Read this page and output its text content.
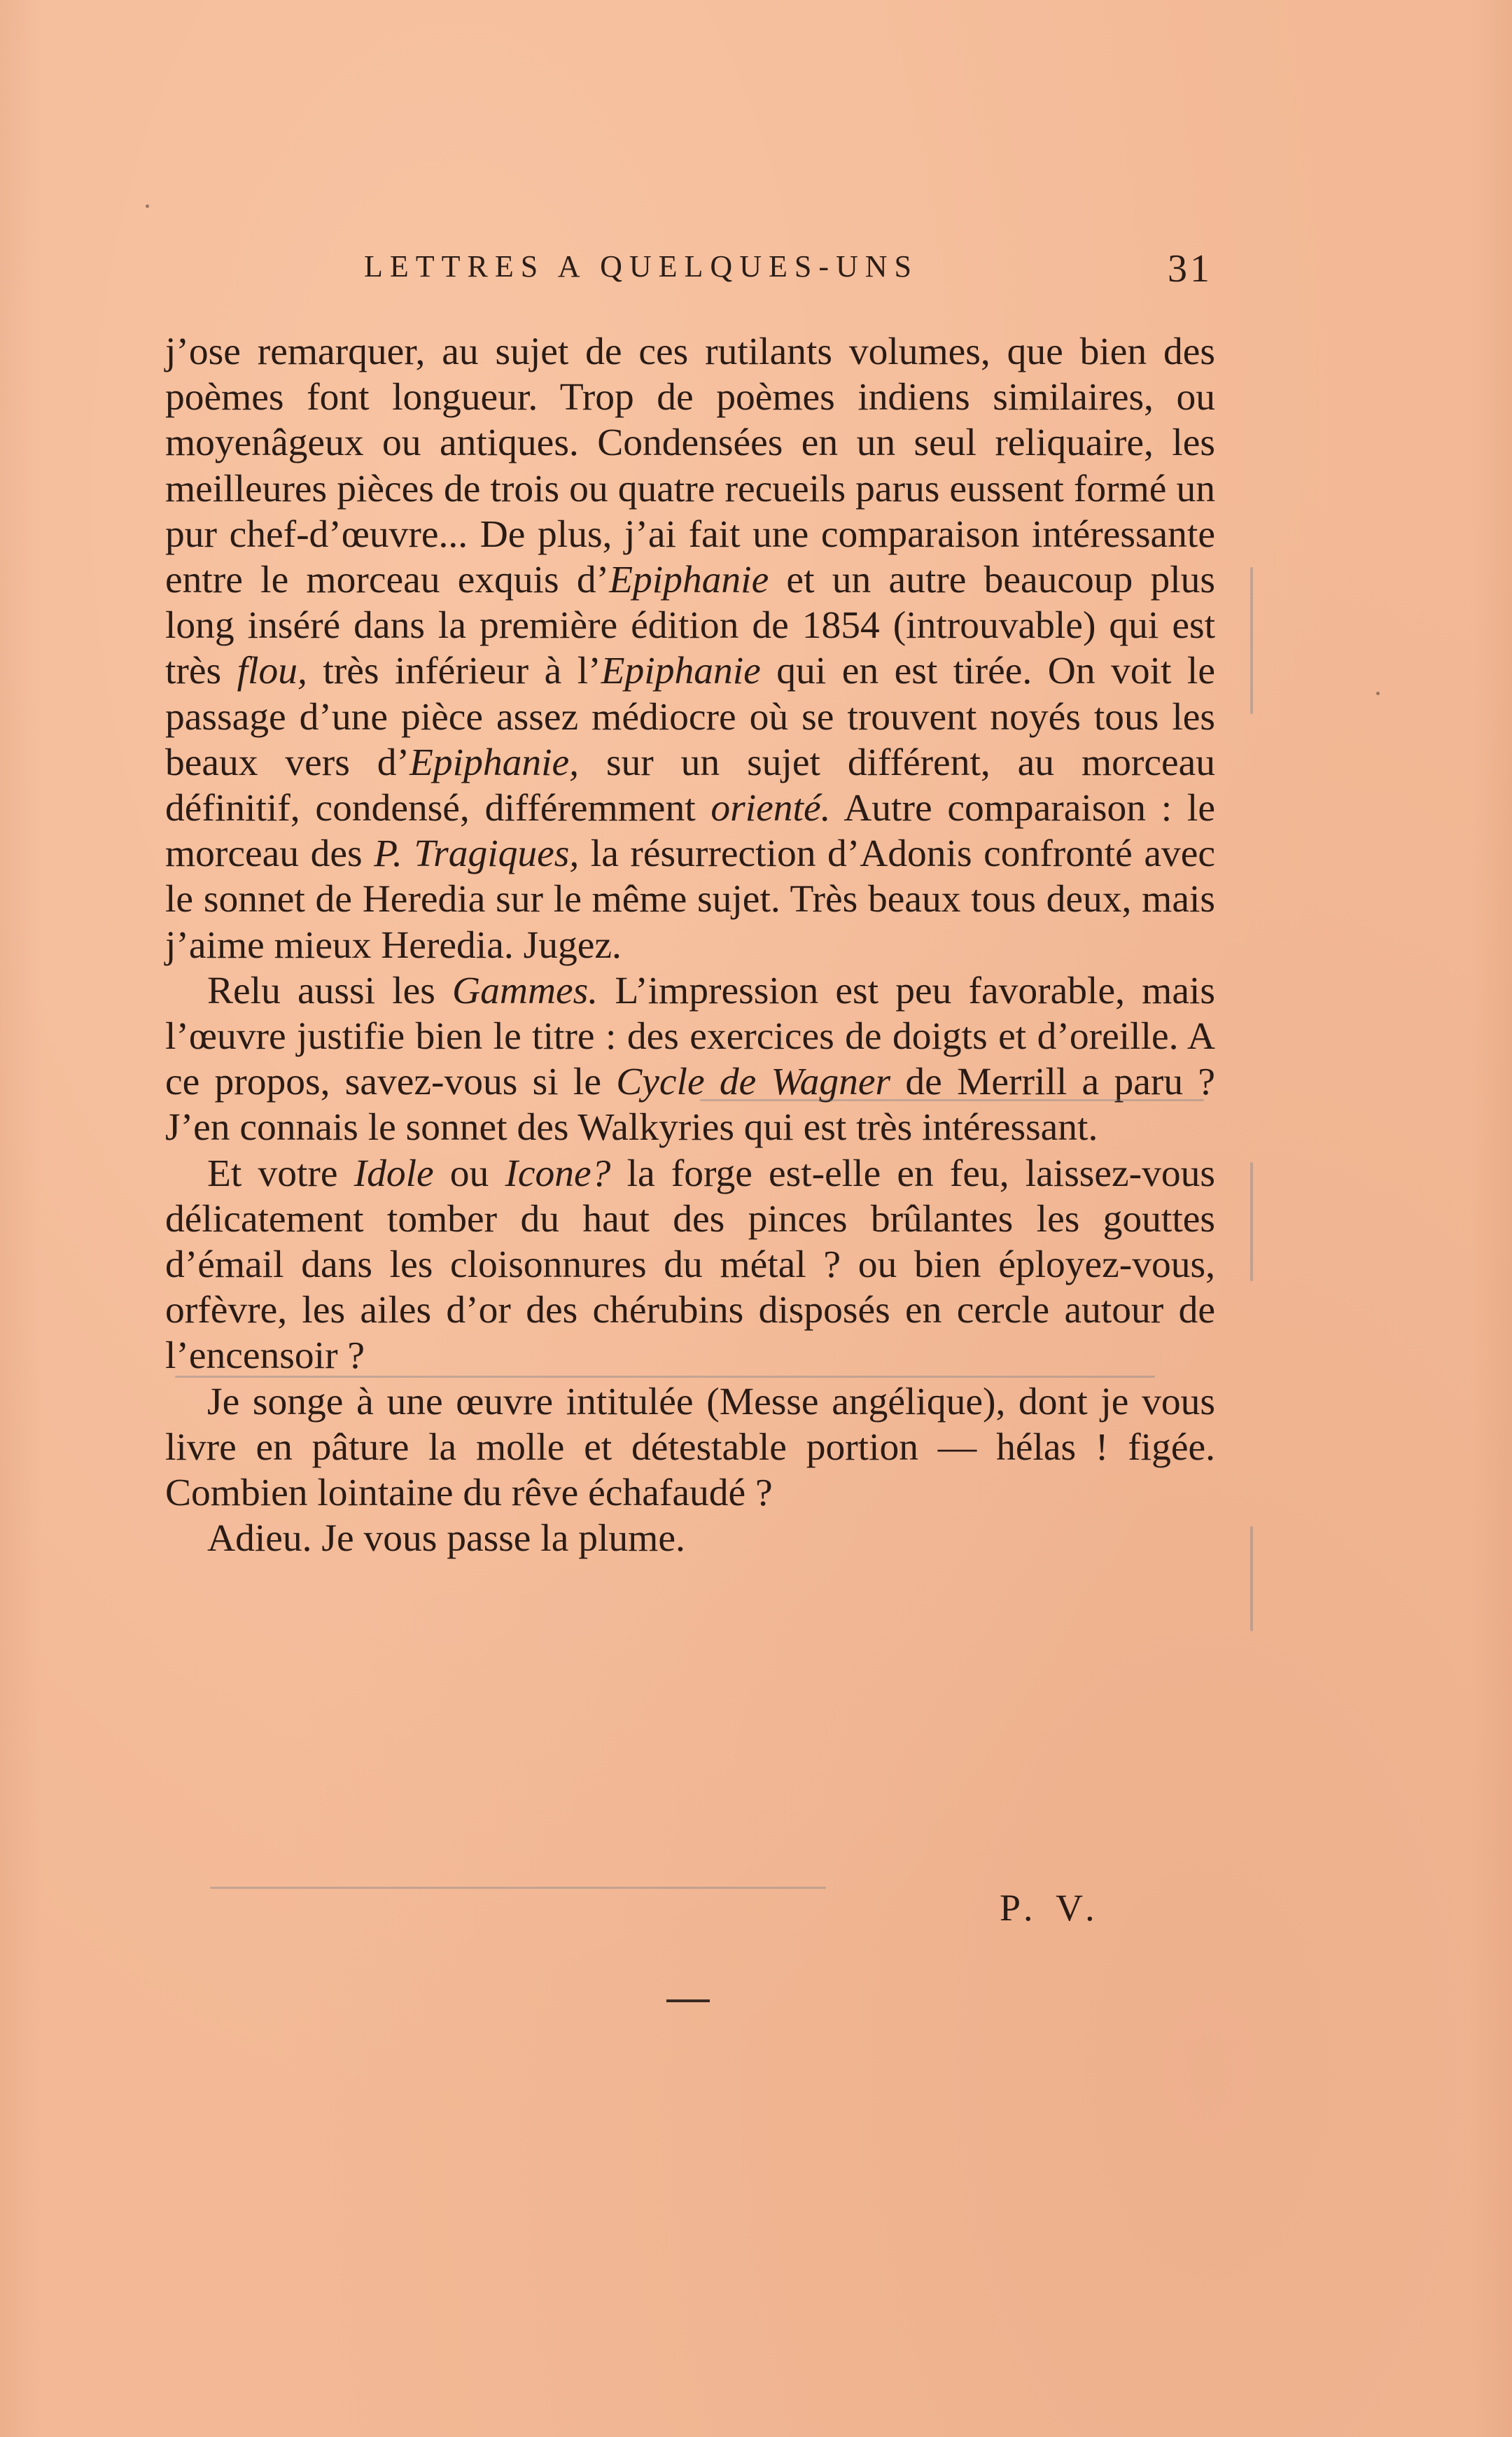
LETTRES A QUELQUES-UNS	31

j’ose remarquer, au sujet de ces rutilants volumes, que bien des poèmes font longueur. Trop de poèmes indiens similaires, ou moyenâgeux ou antiques. Condensées en un seul reliquaire, les meilleures pièces de trois ou quatre recueils parus eussent formé un pur chef-d’œuvre... De plus, j’ai fait une comparaison intéressante entre le morceau exquis d’Epiphanie et un autre beaucoup plus long inséré dans la première édition de 1854 (introuvable) qui est très flou, très inférieur à l’Epiphanie qui en est tirée. On voit le passage d’une pièce assez médiocre où se trouvent noyés tous les beaux vers d’Epiphanie, sur un sujet différent, au morceau définitif, condensé, différemment orienté. Autre comparaison : le morceau des P. Tragiques, la résurrection d’Adonis confronté avec le sonnet de Heredia sur le même sujet. Très beaux tous deux, mais j’aime mieux Heredia. Jugez.

Relu aussi les Gammes. L’impression est peu favorable, mais l’œuvre justifie bien le titre : des exercices de doigts et d’oreille. A ce propos, savez-vous si le Cycle de Wagner de Merrill a paru ? J’en connais le sonnet des Walkyries qui est très intéressant.

Et votre Idole ou Icone? la forge est-elle en feu, laissez-vous délicatement tomber du haut des pinces brûlantes les gouttes d’émail dans les cloisonnures du métal ? ou bien éployez-vous, orfèvre, les ailes d’or des chérubins disposés en cercle autour de l’encensoir ?

Je songe à une œuvre intitulée (Messe angélique), dont je vous livre en pâture la molle et détestable portion — hélas ! figée. Combien lointaine du rêve échafaudé ?

Adieu. Je vous passe la plume.

P. V.
